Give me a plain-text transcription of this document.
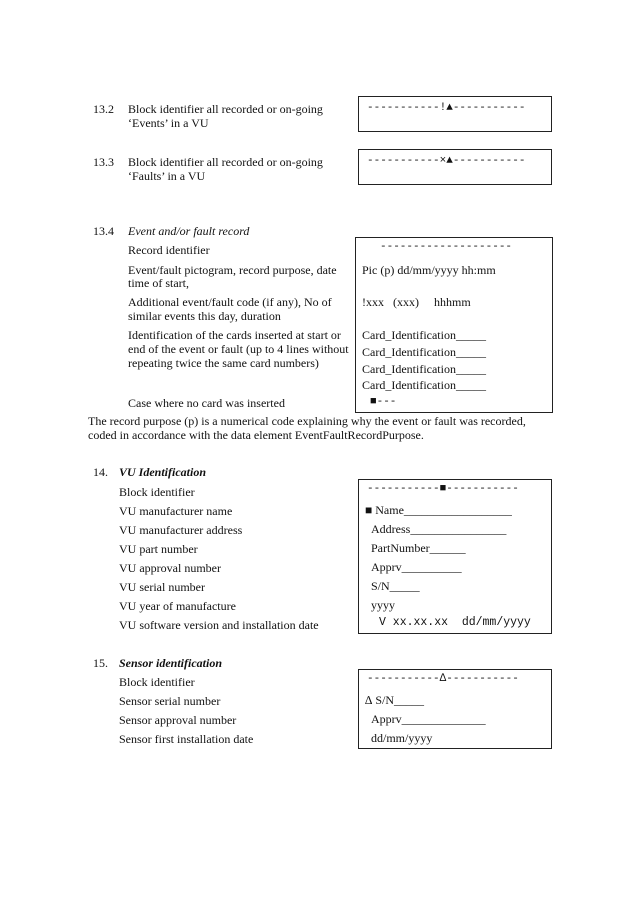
13.2 Block identifier all recorded or on-going
‘Events’ in a VU
-----------!▲-----------
13.3 Block identifier all recorded or on-going
‘Faults’ in a VU
-----------×▲-----------
13.4 Event and/or fault record
Record identifier
Event/fault pictogram, record purpose, date
time of start,
Additional event/fault code (if any), No of
similar events this day, duration
Identification of the cards inserted at start or
end of the event or fault (up to 4 lines without
repeating twice the same card numbers)
Case where no card was inserted
--------------------
Pic (p) dd/mm/yyyy hh:mm
!xxx   (xxx)     hhhmm
Card_Identification_____
Card_Identification_____
Card_Identification_____
Card_Identification_____
■---
The record purpose (p) is a numerical code explaining why the event or fault was recorded,
coded in accordance with the data element EventFaultRecordPurpose.
14. VU Identification
Block identifier
VU manufacturer name
VU manufacturer address
VU part number
VU approval number
VU serial number
VU year of manufacture
VU software version and installation date
-----------■-----------
■ Name__________________
Address________________
PartNumber______
Apprv__________
S/N_____
yyyy
V xx.xx.xx  dd/mm/yyyy
15. Sensor identification
Block identifier
Sensor serial number
Sensor approval number
Sensor first installation date
-----------∆-----------
∆ S/N_____
Apprv______________
dd/mm/yyyy
